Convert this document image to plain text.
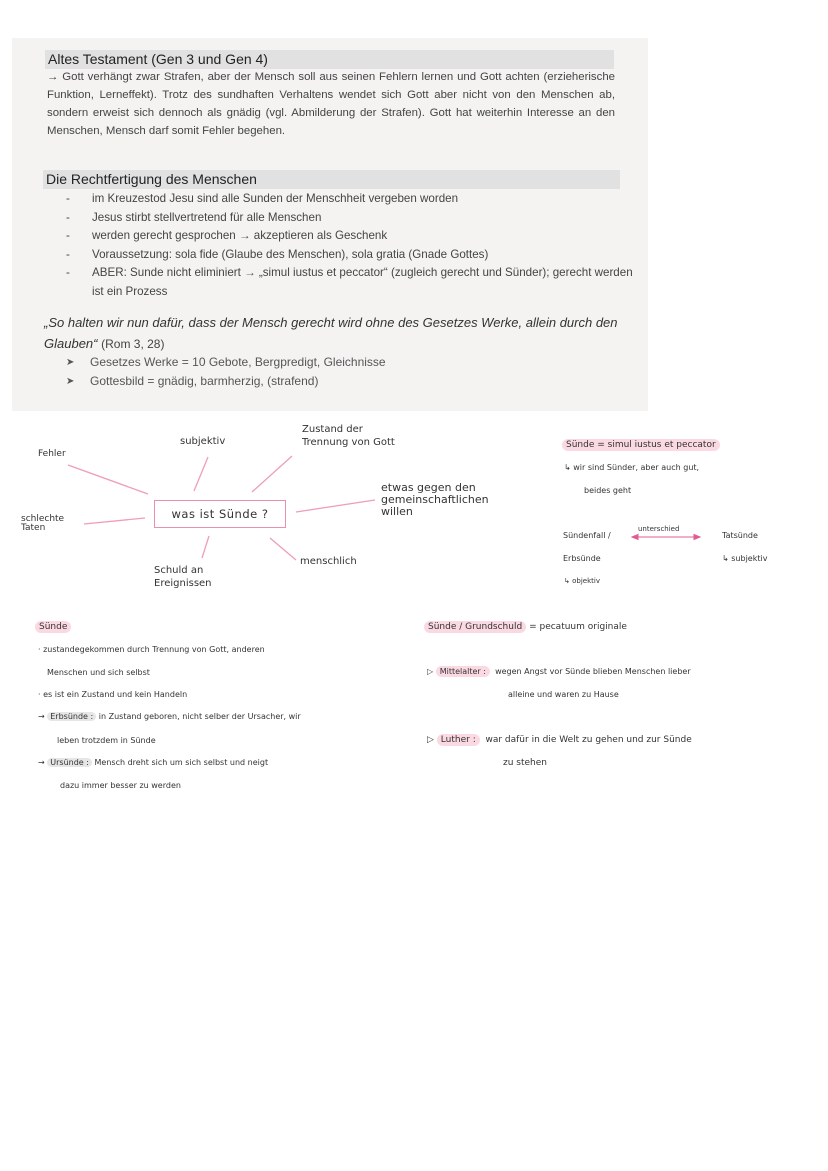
Altes Testament (Gen 3 und Gen 4)
→ Gott verhängt zwar Strafen, aber der Mensch soll aus seinen Fehlern lernen und Gott achten (erzieherische Funktion, Lerneffekt). Trotz des sundhaften Verhaltens wendet sich Gott aber nicht von den Menschen ab, sondern erweist sich dennoch als gnädig (vgl. Abmilderung der Strafen). Gott hat weiterhin Interesse an den Menschen, Mensch darf somit Fehler begehen.
Die Rechtfertigung des Menschen
- im Kreuzestod Jesu sind alle Sunden der Menschheit vergeben worden
- Jesus stirbt stellvertretend für alle Menschen
- werden gerecht gesprochen → akzeptieren als Geschenk
- Voraussetzung: sola fide (Glaube des Menschen), sola gratia (Gnade Gottes)
- ABER: Sunde nicht eliminiert → „simul iustus et peccator“ (zugleich gerecht und Sünder); gerecht werden ist ein Prozess
„So halten wir nun dafür, dass der Mensch gerecht wird ohne des Gesetzes Werke, allein durch den Glauben“ (Rom 3, 28)
➤ Gesetzes Werke = 10 Gebote, Bergpredigt, Gleichnisse
➤ Gottesbild = gnädig, barmherzig, (strafend)
was ist Sünde ?
Fehler
subjektiv
Zustand der
Trennung von Gott
etwas gegen den
gemeinschaftlichen
willen
schlechte
Taten
Schuld an
Ereignissen
menschlich
Sünde = simul iustus et peccator
↳ wir sind Sünder, aber auch gut,
beides geht
Sündenfall /
unterschied
Tatsünde
Erbsünde	↳ subjektiv
↳ objektiv
Sünde
· zustandegekommen durch Trennung von Gott, anderen
Menschen und sich selbst
· es ist ein Zustand und kein Handeln
→ Erbsünde : in Zustand geboren, nicht selber der Ursacher, wir
leben trotzdem in Sünde
→ Ursünde : Mensch dreht sich um sich selbst und neigt
dazu immer besser zu werden
Sünde / Grundschuld = pecatuum originale
▷ Mittelalter : wegen Angst vor Sünde blieben Menschen lieber
alleine und waren zu Hause
▷ Luther : war dafür in die Welt zu gehen und zur Sünde
zu stehen
